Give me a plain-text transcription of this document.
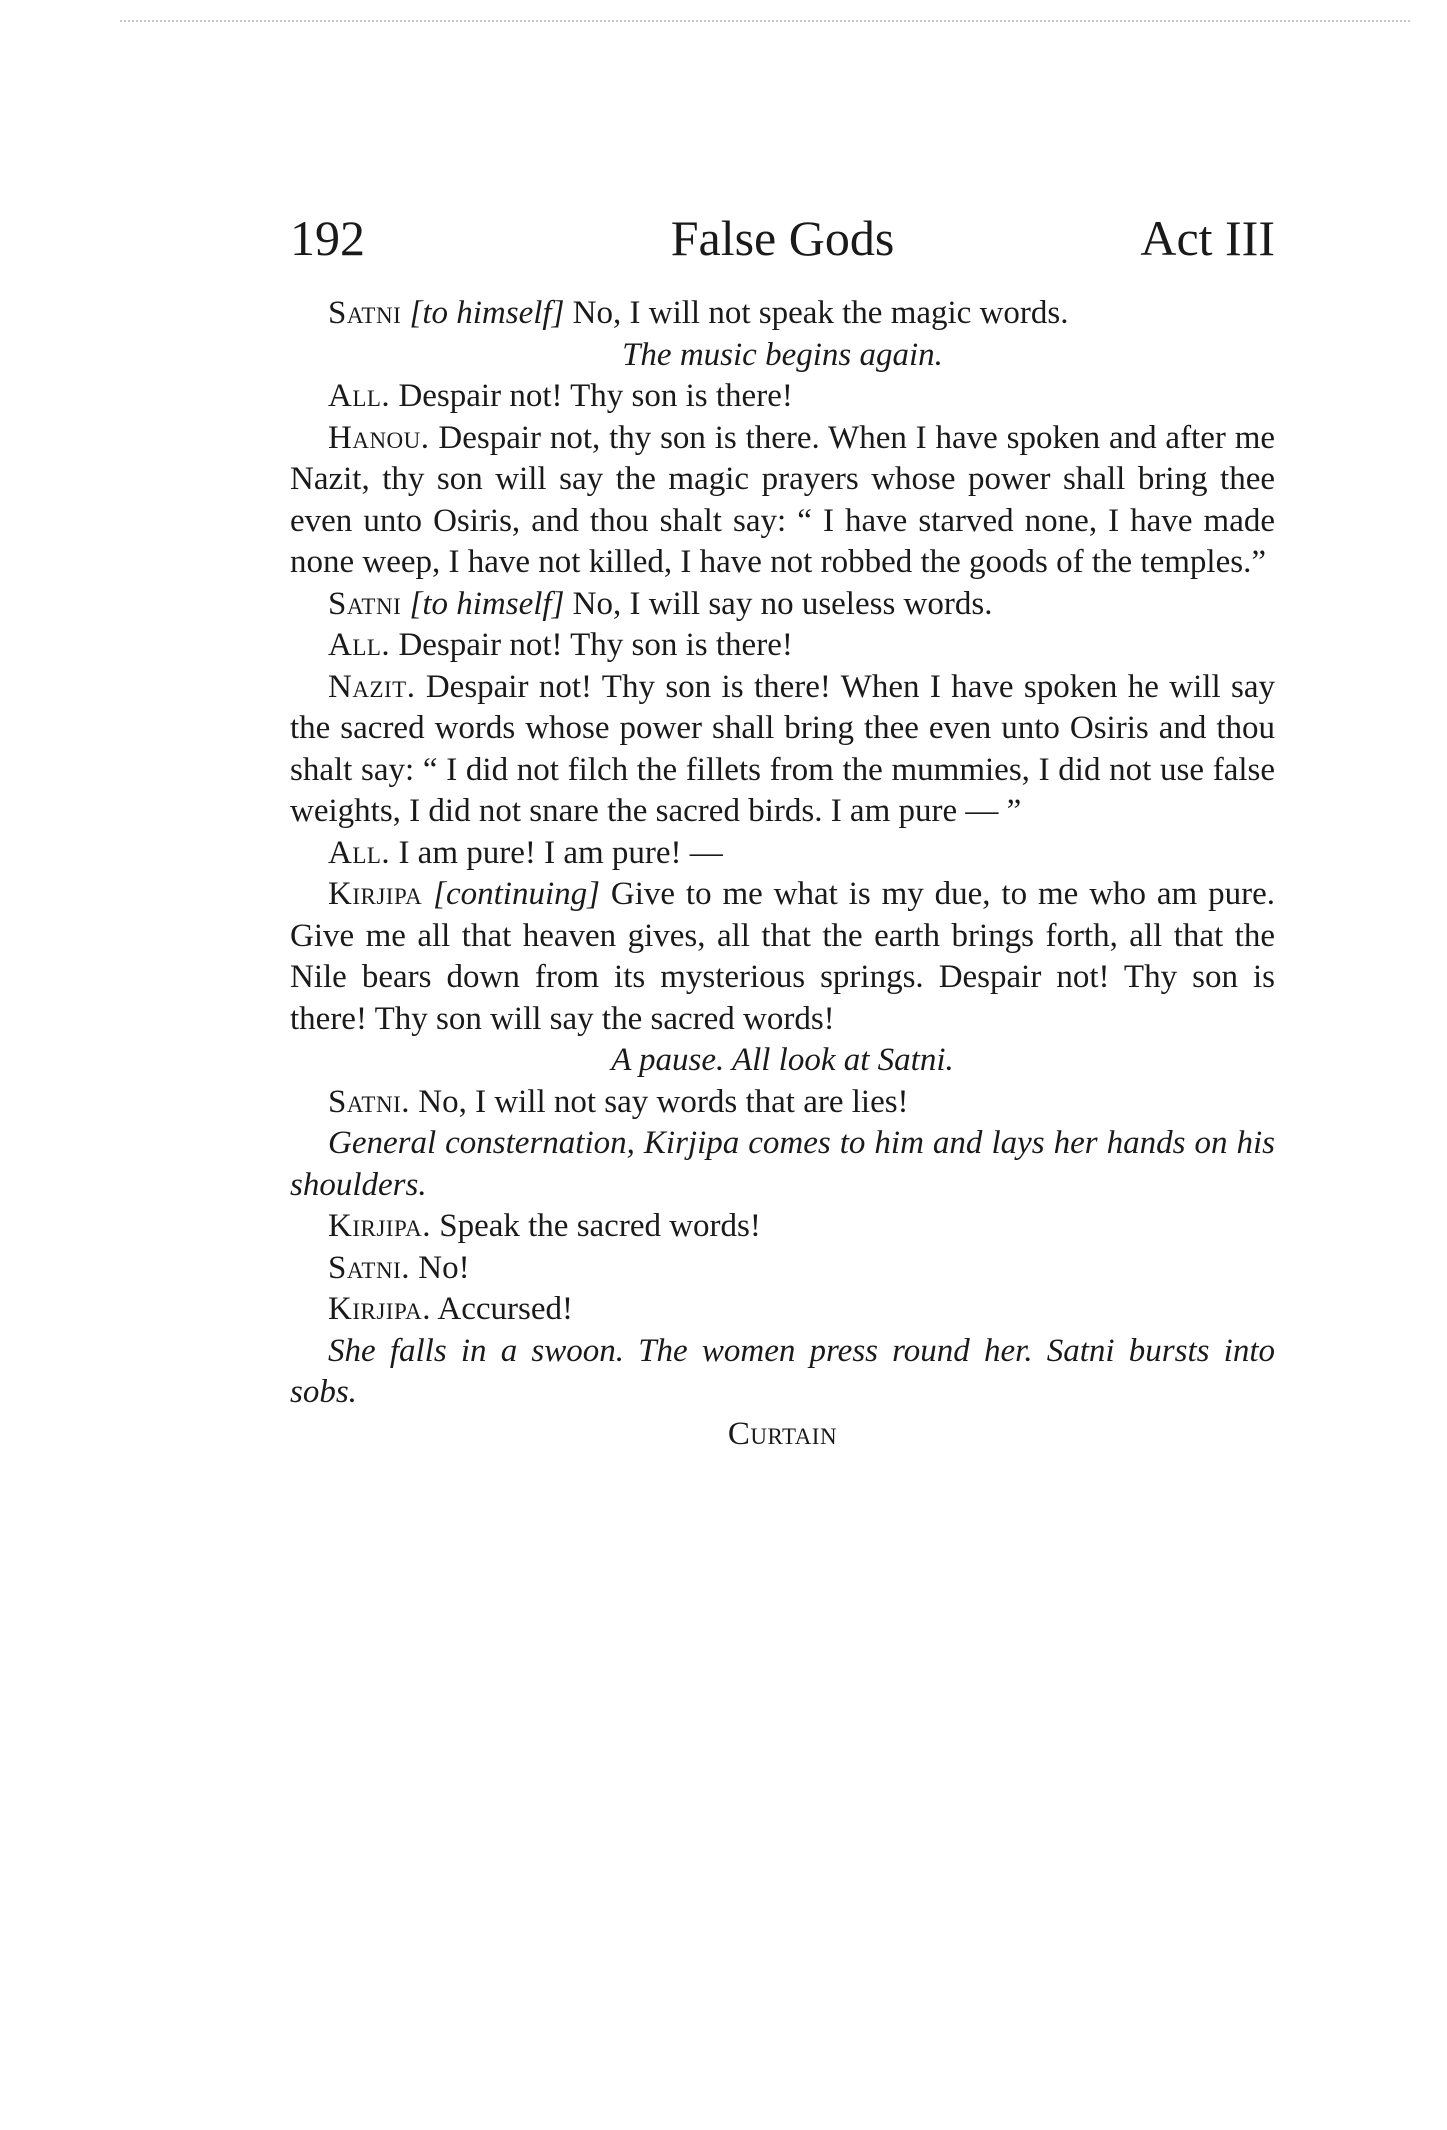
192	False Gods	Act III

Satni [to himself] No, I will not speak the magic words.

The music begins again.

All. Despair not! Thy son is there!

Hanou. Despair not, thy son is there. When I have spoken and after me Nazit, thy son will say the magic prayers whose power shall bring thee even unto Osiris, and thou shalt say: “ I have starved none, I have made none weep, I have not killed, I have not robbed the goods of the temples.”

Satni [to himself] No, I will say no useless words.

All. Despair not! Thy son is there!

Nazit. Despair not! Thy son is there! When I have spoken he will say the sacred words whose power shall bring thee even unto Osiris and thou shalt say: “ I did not filch the fillets from the mummies, I did not use false weights, I did not snare the sacred birds. I am pure — ”

All. I am pure! I am pure! —

Kirjipa [continuing] Give to me what is my due, to me who am pure. Give me all that heaven gives, all that the earth brings forth, all that the Nile bears down from its mysterious springs. Despair not! Thy son is there! Thy son will say the sacred words!

A pause. All look at Satni.

Satni. No, I will not say words that are lies!

General consternation, Kirjipa comes to him and lays her hands on his shoulders.

Kirjipa. Speak the sacred words!

Satni. No!

Kirjipa. Accursed!

She falls in a swoon. The women press round her. Satni bursts into sobs.

Curtain
